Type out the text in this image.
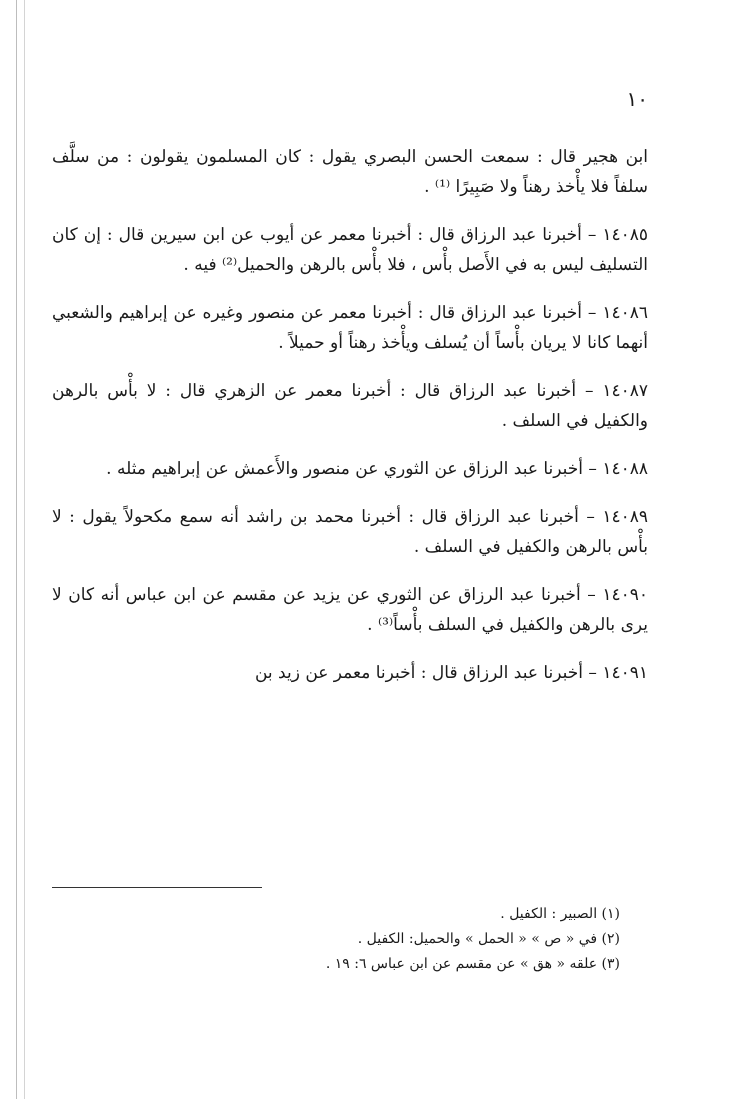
١٠

ابن هجير قال : سمعت الحسن البصري يقول : كان المسلمون يقولون : من سلَّف سلفاً فلا يأْخذ رهناً ولا صَبِيرًا ⁽¹⁾ .

١٤٠٨٥ – أخبرنا عبد الرزاق قال : أخبرنا معمر عن أيوب عن ابن سيرين قال : إن كان التسليف ليس به في الأَصل بأْس ، فلا بأْس بالرهن والحميل⁽²⁾ فيه .

١٤٠٨٦ – أخبرنا عبد الرزاق قال : أخبرنا معمر عن منصور وغيره عن إبراهيم والشعبي أنهما كانا لا يريان بأْساً أن يُسلف ويأْخذ رهناً أو حميلاً .

١٤٠٨٧ – أخبرنا عبد الرزاق قال : أخبرنا معمر عن الزهري قال : لا بأْس بالرهن والكفيل في السلف .

١٤٠٨٨ – أخبرنا عبد الرزاق عن الثوري عن منصور والأَعمش عن إبراهيم مثله .

١٤٠٨٩ – أخبرنا عبد الرزاق قال : أخبرنا محمد بن راشد أنه سمع مكحولاً يقول : لا بأْس بالرهن والكفيل في السلف .

١٤٠٩٠ – أخبرنا عبد الرزاق عن الثوري عن يزيد عن مقسم عن ابن عباس أنه كان لا يرى بالرهن والكفيل في السلف بأْساً⁽³⁾ .

١٤٠٩١ – أخبرنا عبد الرزاق قال : أخبرنا معمر عن زيد بن

(١) الصبير : الكفيل .

(٢) في « ص » « الحمل » والحميل: الكفيل .

(٣) علقه « هق » عن مقسم عن ابن عباس ٦: ١٩ .
